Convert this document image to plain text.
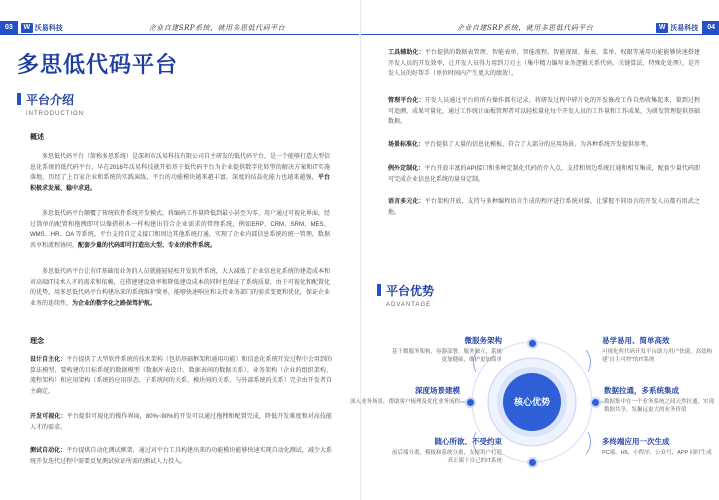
03	W 沃易科技	企业自建SRP系统，就用多思低代码平台
多思低代码平台
平台介绍
INTRODUCTION
概述
多思低代码平台（简称多思系统）是深圳市沃易科技有限公司自主研发的低代码平台，是一个能够打造大型信息化系统的低代码平台，早在2016年沃易科技就开始基于低代码平台为企业提供数字化转型的解决方案和IT实施落地，历经了上百家企业和系统的实践演练，平台的功能模块越来越丰富，深度的结晶化能力也越来越强，平台积极求发展、稳中求进。
多思低代码平台颠覆了传统软件系统开发模式，将编码工作量降低到最小甚至为零，用户通过可视化界面，经过简单的配置和拖拽即可以像搭积木一样构建出符合企业需求的管理系统，例如ERP、CRM、SRM、MES、WMS、HR、OA 等系统。平台支持自定义接口和周边其他系统打通，实现了企业内部信息系统的统一管理，数据共享和流程协同，配套少量的代码即可打造出大型、专业的软件系统。
多思低代码平台让有IT基础很业务的人员就能轻轻松开发软件系统，大大减低了企业信息化系统的建造成本和对高端IT技术人才的需求和依赖，在搭建建设效率和降低建设成本的同时也保证了系统质量，由于可视化和配置化的优势，用多思低代码平台构建出来的系统维护简单，能够快速响应和支持业务部门的需求变更和优化，保证企业业务的连续性，为企业的数字化之路保驾护航。
理念
设计自主化：平台提供了大型软件系统的技术架构（包括基础框架和通用功能）和信息化系统开发过程中会用到的算法模型、要构建的目标系统的数据模型（数据库表设计、数据表间的数据关系）、业务架构（企业的组织架构、流程架构）和应用架构（系统的应用形态、子系统间的关系、模块间的关系、与外部系统的关系）完全由开发者自主确定。
开发可视化：平台提供可视化的操作界面，80%~90%的开发可以通过拖拽和配置完成，降低开发难度和对高技能人才的需求。
测试自动化：平台提供自动化测试框架，通过对平台工具构建出来的功能模块能够快速实现自动化测试，减少大系统开发迭代过程中需要反复测试验证所需的测试人力投入。
企业自建SRP系统，就用多思低代码平台	W 沃易科技	04
工具辅助化：平台提供的数据表管理、智能表单、智能流程、智能视图、报表、菜单、权限等通用功能能够快速搭建开发人员的开发效率，让开发人员得力用到刀刃上（集中精力编写业务逻辑关系代码、关键算法、特殊化处理），是开发人员的好帮手（单位时间内产生更大的绩效）。
管理平台化：开发人员通过平台的所有操作都有记录，将研发过程中碎片化的开发修改工作自然收集起来，量到过程可追溯、成果可量化，通过工作统计面板管理者可以轻松量化每个开发人员的工作量和工作成果，为研发管理提供基础数据。
场景标准化：平台提供了大量的信息化模板，符合了大部分的应用场景，为各种系统开发提供参考。
例外定制化：平台开放丰富的API接口和多种定制化代码的介入点，支持和周边系统打通和相互集成，配套少量代码即可完成企业信息化系统的量身定制。
语言多元化：平台架构开放，支持与多种编程语言生成的程序进行系统对接，让掌握不同语言的开发人员都有用武之地。
平台优势
ADVANTAGE
核心优势
微服务架构
基于微服务架构，容器部署，服务独立，系统更加健硕，维护更加简单
易学易用、简单高效
可视化所代码开发平台助力用户快速、高效构建“自主可控”的IT系统
深度场景建模
深入业务场景，帮助客户梳理及优化业务流程
数据拉通，多系统集成
数据集中在一个业务系统之间天然拉通，实现数据共享，发掘远更大的业务价值
随心所欲、不受约束
前后端分离，模板和系统分离，支持用户打造真正属于自己的IT系统
多终端应用一次生成
PC端、H5、小程序、公众号、APP 同时生成
